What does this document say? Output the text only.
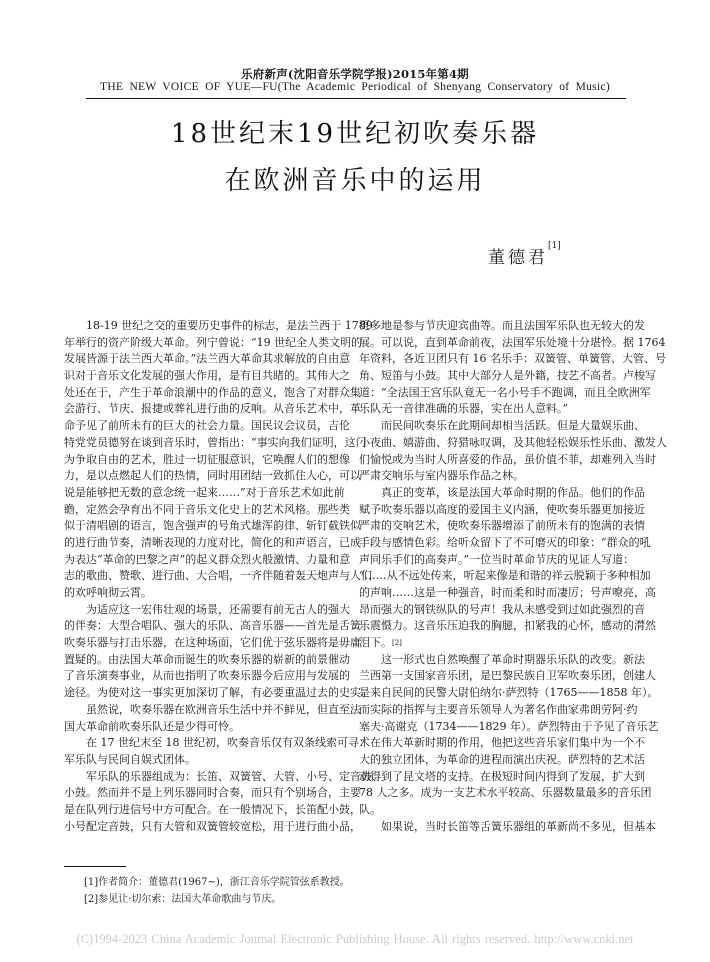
乐府新声(沈阳音乐学院学报)2015年第4期
THE NEW VOICE OF YUE—FU(The Academic Periodical of Shenyang Conservatory of Music)
18世纪末19世纪初吹奏乐器
在欧洲音乐中的运用
董德君[1]
18-19 世纪之交的重要历史事件的标志，是法兰西于 1789
年举行的资产阶级大革命。列宁曾说：“19 世纪全人类文明的
发展皆源于法兰西大革命。”法兰西大革命其求解放的自由意
识对于音乐文化发展的强大作用，是有目共睹的。其伟大之
处还在于，产生于革命浪潮中的作品的意义，饱含了对群众集
会游行、节庆、报捷或葬礼进行曲的反响。从音乐艺术中，革
命予见了前所未有的巨大的社会力量。国民议会议员，吉伦
特党党员德努在谈到音乐时，曾指出：“事实向我们证明，这门
为争取自由的艺术，胜过一切征服意识，它唤醒人们的想像
力，是以点燃起人们的热情，同时用团结一致抓住人心，可以
说是能够把无数的意念统一起来……”对于音乐艺术如此前
瞻，定然会孕育出不同于音乐文化史上的艺术风格。那些类
似于清唱剧的语言，饱含强声的号角式雄浑韵律、斩钉截铁似
的进行曲节奏，清晰表现的力度对比，简化的和声语言，已成
为表达“革命的巴黎之声”的起义群众烈火般激情、力量和意
志的歌曲、赞歌、进行曲、大合唱，一齐伴随着轰天炮声与人们
的欢呼响彻云霄。
为适应这一宏伟壮观的场景，还需要有前无古人的强大
的伴奏：大型合唱队、强大的乐队、高音乐器——首先是舌簧
吹奏乐器与打击乐器，在这种场面，它们优于弦乐器将是毋庸
置疑的。由法国大革命而诞生的吹奏乐器的崭新的前景催动
了音乐演奏事业，从而也指明了吹奏乐器今后应用与发展的
途径。为使对这一事实更加深切了解，有必要重温过去的史实。
虽然说，吹奏乐器在欧洲音乐生活中并不鲜见，但直至法
国大革命前吹奏乐队还是少得可怜。
在 17 世纪末至 18 世纪初，吹奏音乐仅有双条线索可寻：
军乐队与民间自娱式团体。
军乐队的乐器组成为：长笛、双簧管、大管、小号、定音鼓、
小鼓。然而并不是上列乐器同时合奏，而只有个别场合，主要
是在队列行进信号中方可配合。在一般情况下，长笛配小鼓，
小号配定音鼓，只有大管和双簧管较宽松，用于进行曲小品，
更多地是参与节庆迎宾曲等。而且法国军乐队也无较大的发
展。可以说，直到革命前夜，法国军乐处境十分堪怜。据 1764
年资料，各近卫团只有 16 名乐手：双簧管、单簧管、大管、号
角、短笛与小鼓。其中大部分人是外籍，技艺不高者。卢梭写
道：“全法国王宫乐队竟无一名小号手不跑调，而且全欧洲军
乐队无一音律准确的乐器，实在出人意料。”
而民间吹奏乐在此期间却相当活跃。但是大量娱乐曲、
小夜曲、嬉游曲、狩猎咏叹调，及其他轻松娱乐性乐曲、激发人
们愉悦或为当时人所喜爱的作品，虽价值不菲，却难列入当时
严肃交响乐与室内器乐作品之林。
真正的变革，该是法国大革命时期的作品。他们的作品
赋予吹奏乐器以高度的爱国主义内涵，使吹奏乐器更加接近
严肃的交响艺术，使吹奏乐器增添了前所未有的饱满的表情
手段与感情色彩。给听众留下了不可磨灭的印象：“群众的吼
声同乐手们的高奏声。”一位当时革命节庆的见证人写道：
“……从不远处传来，听起来像是和谐的祥云脱颖于多种相加
的声响……这是一种强音，时而柔和时而凄厉；号声嘹亮，高
昂而强大的钢铁纵队的号声！我从未感受到过如此强烈的音
乐震慑力。这音乐压迫我的胸臆，扣紧我的心怀，感动的潸然
泪下。[2]
这一形式也自然唤醒了革命时期器乐乐队的改变。新法
兰西第一支国家音乐团，是巴黎民族自卫军吹奏乐团，创建人
是来自民间的民警大尉伯纳尔·萨烈特（1765——1858 年）。
而实际的指挥与主要音乐领导人为著名作曲家弗朗劳阿·约
塞夫·高谢克（1734——1829 年）。萨烈特由于予见了音乐艺
术在伟大革新时期的作用，他把这些音乐家们集中为一个不
大的独立团体，为革命的进程而演出庆祝。萨烈特的艺术活
动得到了昆文塔的支持。在极短时间内得到了发展，扩大到
78 人之多。成为一支艺术水平较高、乐器数量最多的音乐团
队。
如果说，当时长笛等舌簧乐器组的革新尚不多见，但基本
[1]作者简介：董德君(1967~)，浙江音乐学院管弦系教授。
[2]参见让·切尔索：法国大革命歌曲与节庆。
(C)1994-2023 China Academic Journal Electronic Publishing House. All rights reserved. http://www.cnki.net
